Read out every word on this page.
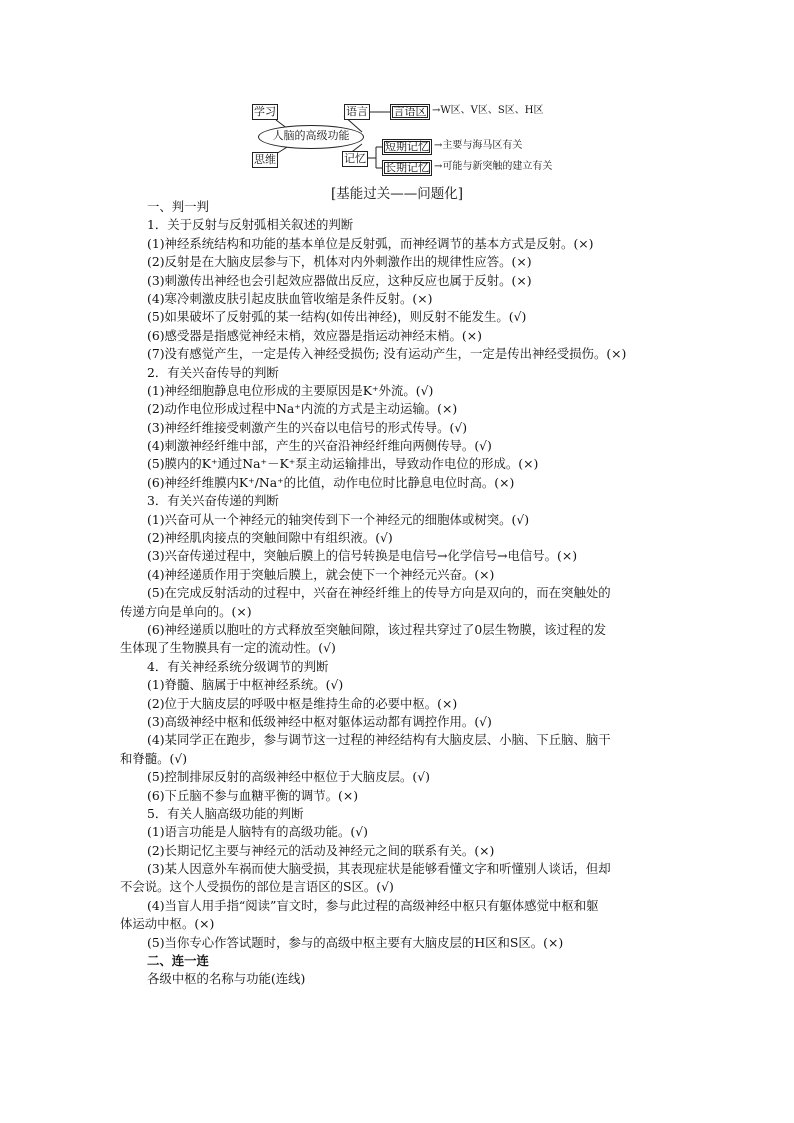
学习
思维
人脑的高级功能
语言	言语区 →W区、V区、S区、H区
记忆
短期记忆 →主要与海马区有关
长期记忆 →可能与新突触的建立有关
[基能过关——问题化]
一、判一判
1．关于反射与反射弧相关叙述的判断
(1)神经系统结构和功能的基本单位是反射弧，而神经调节的基本方式是反射。(×)
(2)反射是在大脑皮层参与下，机体对内外刺激作出的规律性应答。(×)
(3)刺激传出神经也会引起效应器做出反应，这种反应也属于反射。(×)
(4)寒冷刺激皮肤引起皮肤血管收缩是条件反射。(×)
(5)如果破坏了反射弧的某一结构(如传出神经)，则反射不能发生。(√)
(6)感受器是指感觉神经末梢，效应器是指运动神经末梢。(×)
(7)没有感觉产生，一定是传入神经受损伤; 没有运动产生，一定是传出神经受损伤。(×)
2．有关兴奋传导的判断
(1)神经细胞静息电位形成的主要原因是K⁺外流。(√)
(2)动作电位形成过程中Na⁺内流的方式是主动运输。(×)
(3)神经纤维接受刺激产生的兴奋以电信号的形式传导。(√)
(4)刺激神经纤维中部，产生的兴奋沿神经纤维向两侧传导。(√)
(5)膜内的K⁺通过Na⁺－K⁺泵主动运输排出，导致动作电位的形成。(×)
(6)神经纤维膜内K⁺/Na⁺的比值，动作电位时比静息电位时高。(×)
3．有关兴奋传递的判断
(1)兴奋可从一个神经元的轴突传到下一个神经元的细胞体或树突。(√)
(2)神经肌肉接点的突触间隙中有组织液。(√)
(3)兴奋传递过程中，突触后膜上的信号转换是电信号→化学信号→电信号。(×)
(4)神经递质作用于突触后膜上，就会使下一个神经元兴奋。(×)
(5)在完成反射活动的过程中，兴奋在神经纤维上的传导方向是双向的，而在突触处的
传递方向是单向的。(×)
(6)神经递质以胞吐的方式释放至突触间隙，该过程共穿过了0层生物膜，该过程的发
生体现了生物膜具有一定的流动性。(√)
4．有关神经系统分级调节的判断
(1)脊髓、脑属于中枢神经系统。(√)
(2)位于大脑皮层的呼吸中枢是维持生命的必要中枢。(×)
(3)高级神经中枢和低级神经中枢对躯体运动都有调控作用。(√)
(4)某同学正在跑步，参与调节这一过程的神经结构有大脑皮层、小脑、下丘脑、脑干
和脊髓。(√)
(5)控制排尿反射的高级神经中枢位于大脑皮层。(√)
(6)下丘脑不参与血糖平衡的调节。(×)
5．有关人脑高级功能的判断
(1)语言功能是人脑特有的高级功能。(√)
(2)长期记忆主要与神经元的活动及神经元之间的联系有关。(×)
(3)某人因意外车祸而使大脑受损，其表现症状是能够看懂文字和听懂别人谈话，但却
不会说。这个人受损伤的部位是言语区的S区。(√)
(4)当盲人用手指“阅读”盲文时，参与此过程的高级神经中枢只有躯体感觉中枢和躯
体运动中枢。(×)
(5)当你专心作答试题时，参与的高级中枢主要有大脑皮层的H区和S区。(×)
二、连一连
各级中枢的名称与功能(连线)
